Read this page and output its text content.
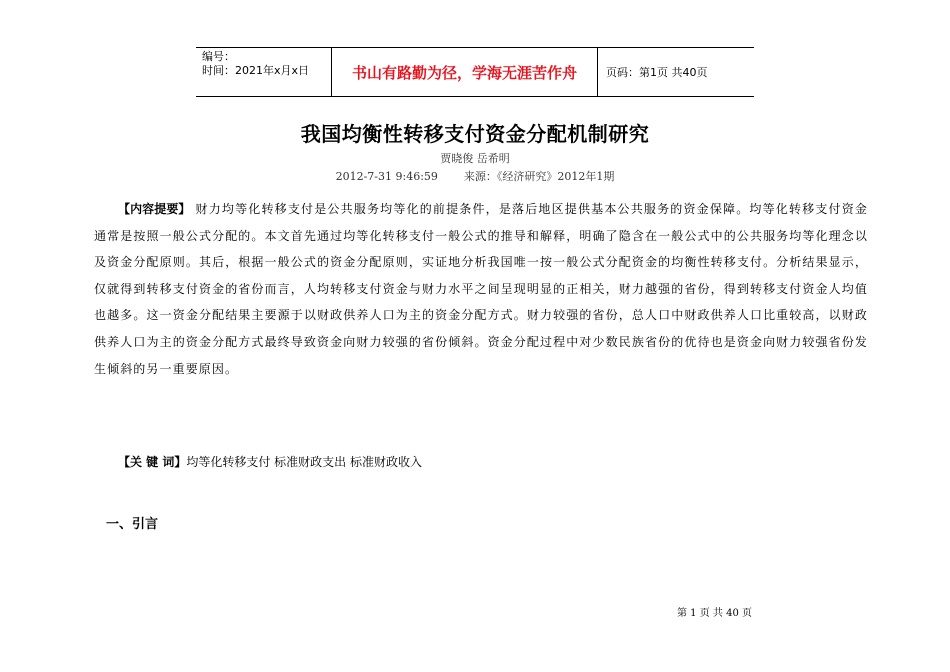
编号：
时间：2021年x月x日	书山有路勤为径，学海无涯苦作舟	页码：第1页 共40页
我国均衡性转移支付资金分配机制研究
贾晓俊 岳希明
2012-7-31 9:46:59 来源：《经济研究》2012年1期
【内容提要】 财力均等化转移支付是公共服务均等化的前提条件，是落后地区提供基本公共服务的资金保障。均等化转移支付资金通常是按照一般公式分配的。本文首先通过均等化转移支付一般公式的推导和解释，明确了隐含在一般公式中的公共服务均等化理念以及资金分配原则。其后，根据一般公式的资金分配原则，实证地分析我国唯一按一般公式分配资金的均衡性转移支付。分析结果显示，仅就得到转移支付资金的省份而言，人均转移支付资金与财力水平之间呈现明显的正相关，财力越强的省份，得到转移支付资金人均值也越多。这一资金分配结果主要源于以财政供养人口为主的资金分配方式。财力较强的省份，总人口中财政供养人口比重较高，以财政供养人口为主的资金分配方式最终导致资金向财力较强的省份倾斜。资金分配过程中对少数民族省份的优待也是资金向财力较强省份发生倾斜的另一重要原因。
【关 键 词】均等化转移支付 标准财政支出 标准财政收入
一、引言
第 1 页 共 40 页
